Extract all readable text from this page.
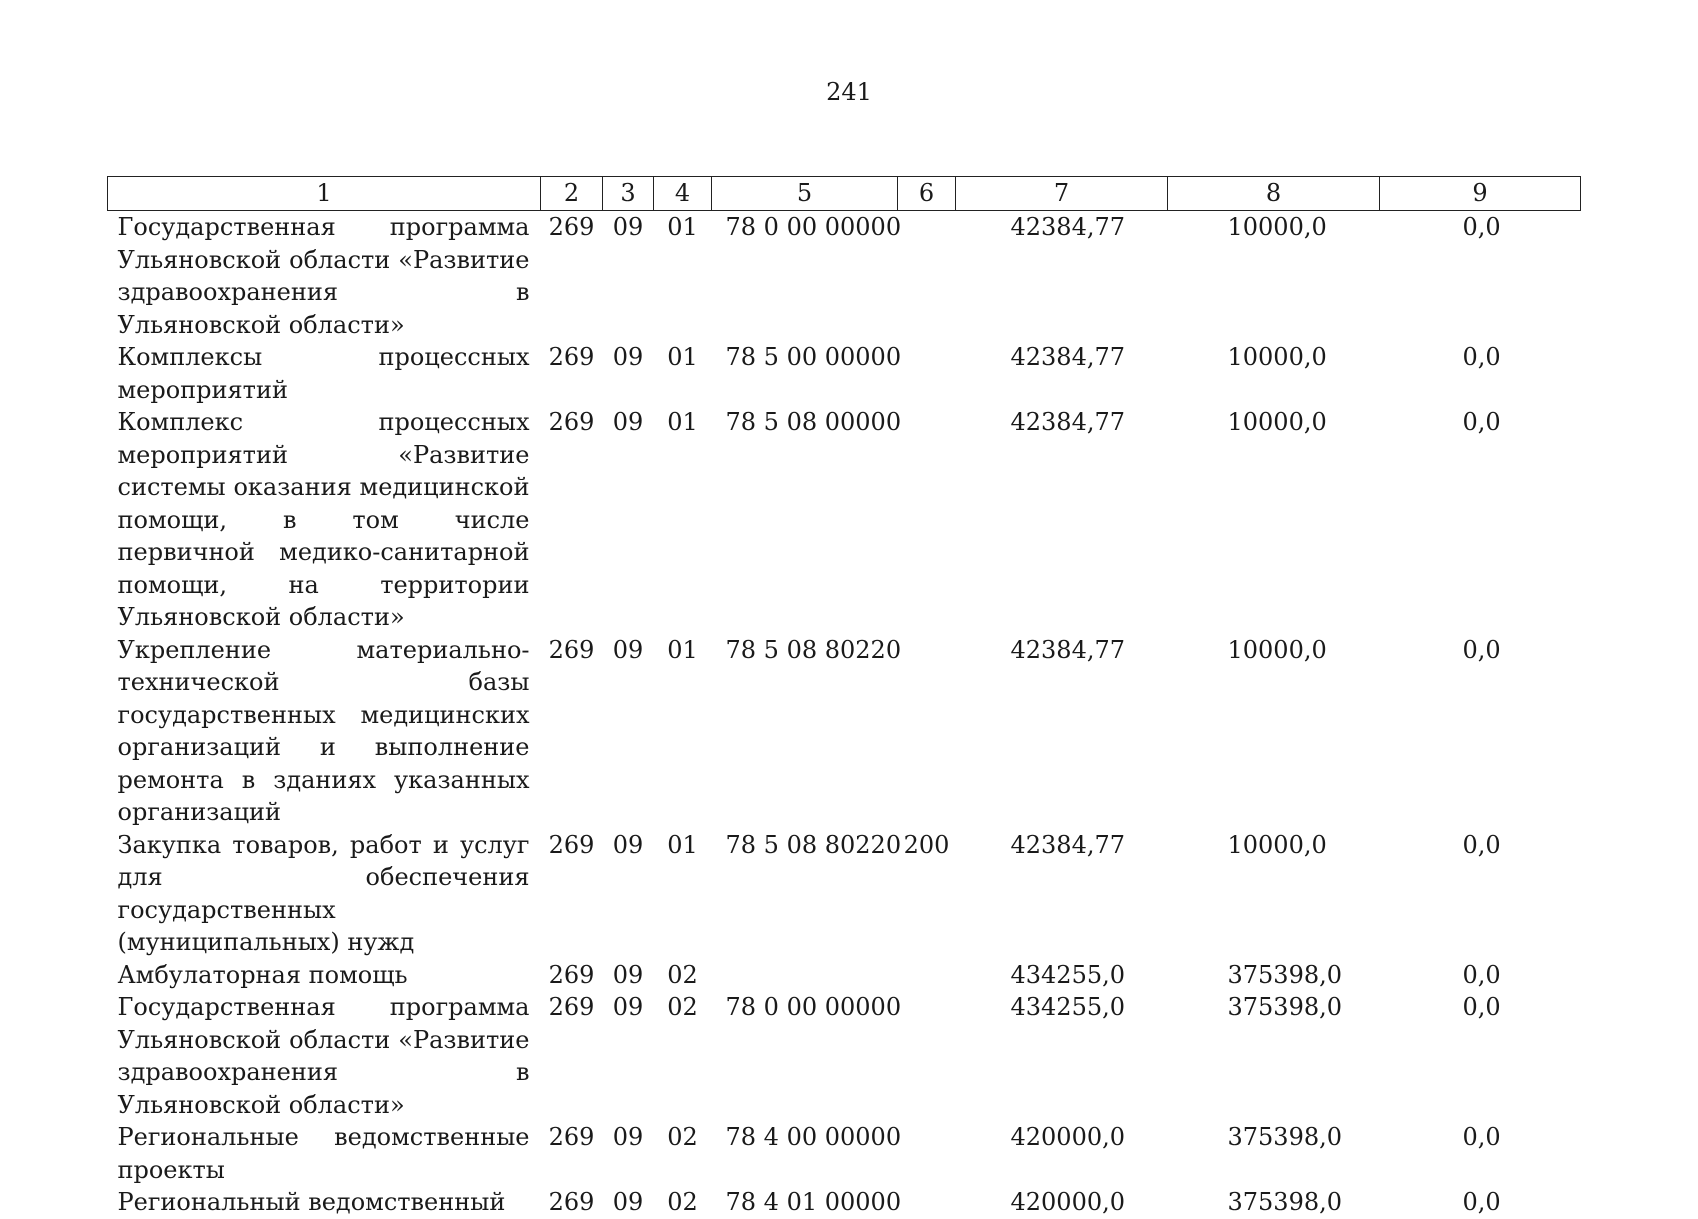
241
1	2	3	4	5	6	7	8	9
Государственная программа Ульяновской области «Развитие здравоохранения в Ульяновской области»	269	09	01	78 0 00 00000		42384,77	10000,0	0,0
Комплексы процессных мероприятий	269	09	01	78 5 00 00000		42384,77	10000,0	0,0
Комплекс процессных мероприятий «Развитие системы оказания медицинской помощи, в том числе первичной медико-санитарной помощи, на территории Ульяновской области»	269	09	01	78 5 08 00000		42384,77	10000,0	0,0
Укрепление материально-технической базы государственных медицинских организаций и выполнение ремонта в зданиях указанных организаций	269	09	01	78 5 08 80220		42384,77	10000,0	0,0
Закупка товаров, работ и услуг для обеспечения государственных (муниципальных) нужд	269	09	01	78 5 08 80220	200	42384,77	10000,0	0,0
Амбулаторная помощь	269	09	02			434255,0	375398,0	0,0
Государственная программа Ульяновской области «Развитие здравоохранения в Ульяновской области»	269	09	02	78 0 00 00000		434255,0	375398,0	0,0
Региональные ведомственные проекты	269	09	02	78 4 00 00000		420000,0	375398,0	0,0
Региональный ведомственный	269	09	02	78 4 01 00000		420000,0	375398,0	0,0
